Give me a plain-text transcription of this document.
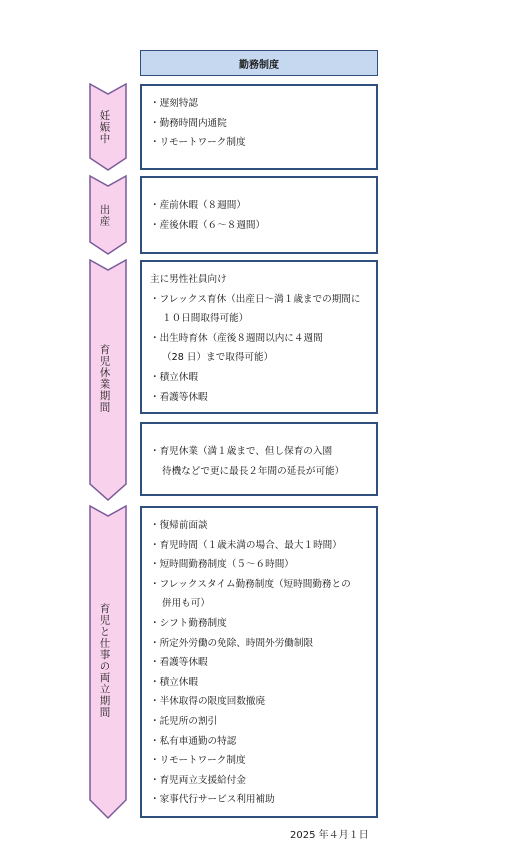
勤務制度
妊娠中
出産
育児休業期間
育児と仕事の両立期間
・遅刻特認
・勤務時間内通院
・リモートワーク制度
・産前休暇（８週間）
・産後休暇（６～８週間）
主に男性社員向け
・フレックス育休（出産日～満１歳までの期間に
１０日間取得可能）
・出生時育休（産後８週間以内に４週間
（28 日）まで取得可能）
・積立休暇
・看護等休暇
・育児休業（満１歳まで、但し保育の入園
待機などで更に最長２年間の延長が可能）
・復帰前面談
・育児時間（１歳未満の場合、最大１時間）
・短時間勤務制度（５～６時間）
・フレックスタイム勤務制度（短時間勤務との
併用も可）
・シフト勤務制度
・所定外労働の免除、時間外労働制限
・看護等休暇
・積立休暇
・半休取得の限度回数撤廃
・託児所の割引
・私有車通勤の特認
・リモートワーク制度
・育児両立支援給付金
・家事代行サービス利用補助
2025 年４月１日
